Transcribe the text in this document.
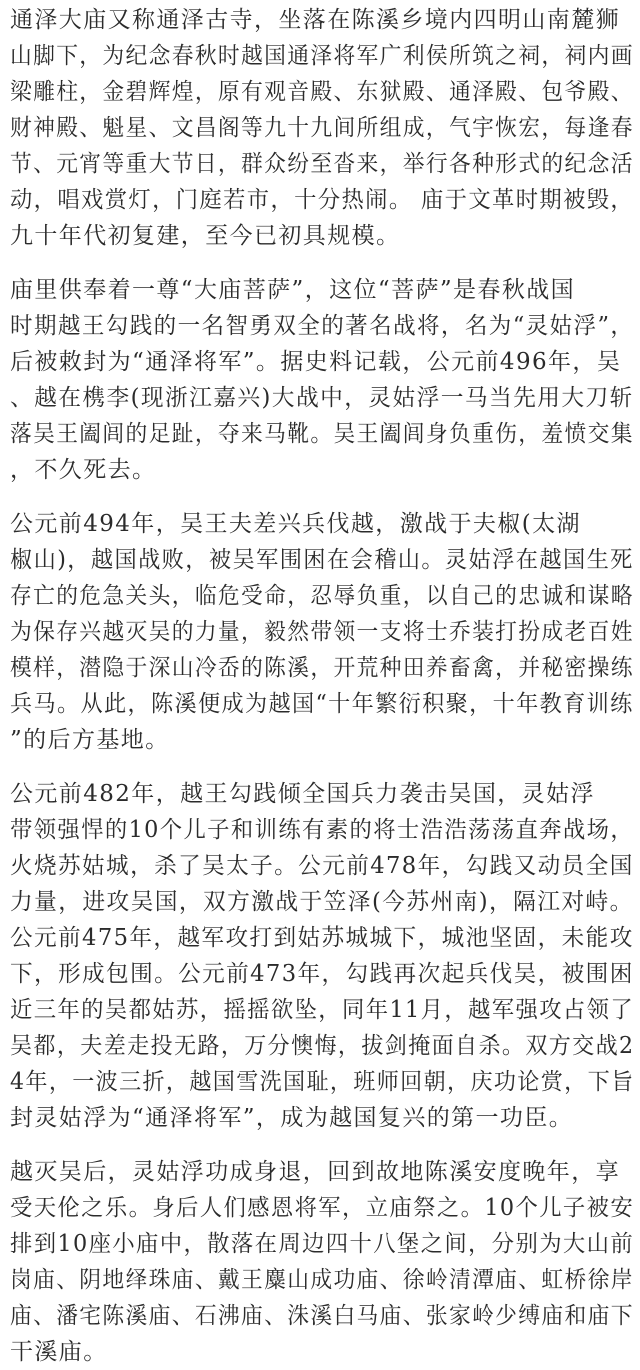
通泽大庙又称通泽古寺，坐落在陈溪乡境内四明山南麓狮
山脚下，为纪念春秋时越国通泽将军广利侯所筑之祠，祠内画
梁雕柱，金碧辉煌，原有观音殿、东狱殿、通泽殿、包爷殿、
财神殿、魁星、文昌阁等九十九间所组成，气宇恢宏，每逢春
节、元宵等重大节日，群众纷至沓来，举行各种形式的纪念活
动，唱戏赏灯，门庭若市，十分热闹。 庙于文革时期被毁，
九十年代初复建，至今已初具规模。
庙里供奉着一尊“大庙菩萨”，这位“菩萨”是春秋战国
时期越王勾践的一名智勇双全的著名战将，名为“灵姑浮”，
后被敕封为“通泽将军”。据史料记载，公元前496年，吴
、越在槜李(现浙江嘉兴)大战中，灵姑浮一马当先用大刀斩
落吴王阖闾的足趾，夺来马靴。吴王阖闾身负重伤，羞愤交集
，不久死去。
公元前494年，吴王夫差兴兵伐越，激战于夫椒(太湖
椒山)，越国战败，被吴军围困在会稽山。灵姑浮在越国生死
存亡的危急关头，临危受命，忍辱负重，以自己的忠诚和谋略
为保存兴越灭吴的力量，毅然带领一支将士乔装打扮成老百姓
模样，潜隐于深山冷岙的陈溪，开荒种田养畜禽，并秘密操练
兵马。从此，陈溪便成为越国“十年繁衍积聚，十年教育训练
”的后方基地。
公元前482年，越王勾践倾全国兵力袭击吴国，灵姑浮
带领强悍的10个儿子和训练有素的将士浩浩荡荡直奔战场，
火烧苏姑城，杀了吴太子。公元前478年，勾践又动员全国
力量，进攻吴国，双方激战于笠泽(今苏州南)，隔江对峙。
公元前475年，越军攻打到姑苏城城下，城池坚固，未能攻
下，形成包围。公元前473年，勾践再次起兵伐吴，被围困
近三年的吴都姑苏，摇摇欲坠，同年11月，越军强攻占领了
吴都，夫差走投无路，万分懊悔，拔剑掩面自杀。双方交战2
4年，一波三折，越国雪洗国耻，班师回朝，庆功论赏，下旨
封灵姑浮为“通泽将军”，成为越国复兴的第一功臣。
越灭吴后，灵姑浮功成身退，回到故地陈溪安度晚年，享
受天伦之乐。身后人们感恩将军，立庙祭之。10个儿子被安
排到10座小庙中，散落在周边四十八堡之间，分别为大山前
岗庙、阴地绎珠庙、戴王麋山成功庙、徐岭清潭庙、虹桥徐岸
庙、潘宅陈溪庙、石沸庙、洙溪白马庙、张家岭少缚庙和庙下
干溪庙。
